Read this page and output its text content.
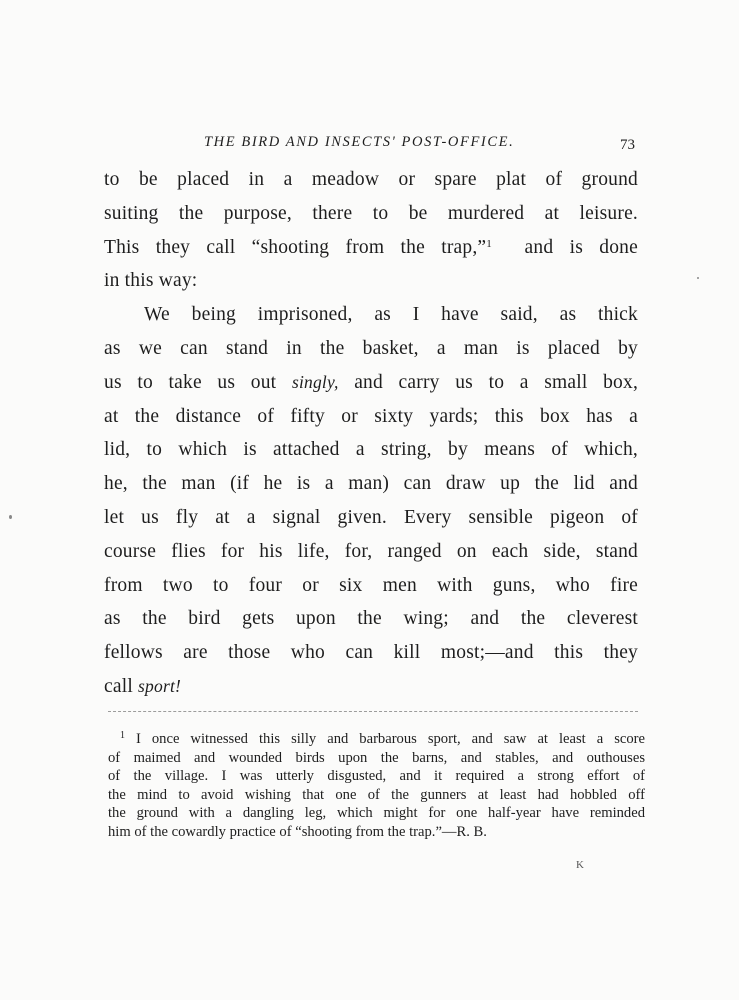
THE BIRD AND INSECTS' POST-OFFICE.	73
to be placed in a meadow or spare plat of ground
suiting the purpose, there to be murdered at leisure.
This they call “shooting from the trap,”$^1$ and is done
in this way:
We being imprisoned, as I have said, as thick
as we can stand in the basket, a man is placed by
us to take us out singly, and carry us to a small box,
at the distance of fifty or sixty yards; this box has a
lid, to which is attached a string, by means of which,
he, the man (if he is a man) can draw up the lid and
let us fly at a signal given. Every sensible pigeon of
course flies for his life, for, ranged on each side, stand
from two to four or six men with guns, who fire
as the bird gets upon the wing; and the cleverest
fellows are those who can kill most;—and this they
call sport!
$^1$ I once witnessed this silly and barbarous sport, and saw at least a score
of maimed and wounded birds upon the barns, and stables, and outhouses
of the village. I was utterly disgusted, and it required a strong effort of
the mind to avoid wishing that one of the gunners at least had hobbled off
the ground with a dangling leg, which might for one half-year have reminded
him of the cowardly practice of “shooting from the trap.”—R. B.
K
